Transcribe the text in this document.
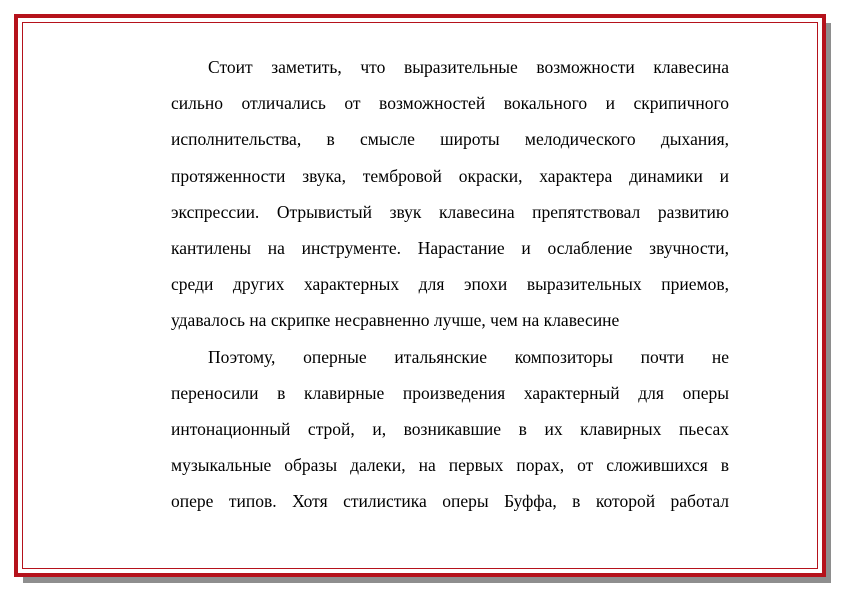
Стоит заметить, что выразительные возможности клавесина

сильно отличались от возможностей вокального и скрипичного

исполнительства, в смысле широты мелодического дыхания,

протяженности звука, тембровой окраски, характера динамики и

экспрессии. Отрывистый звук клавесина препятствовал развитию

кантилены на инструменте. Нарастание и ослабление звучности,

среди других характерных для эпохи выразительных приемов,

удавалось на скрипке несравненно лучше, чем на клавесине

Поэтому, оперные итальянские композиторы почти не

переносили в клавирные произведения характерный для оперы

интонационный строй, и, возникавшие в их клавирных пьесах

музыкальные образы далеки, на первых порах, от сложившихся в

опере типов. Хотя стилистика оперы Буффа, в которой работал
